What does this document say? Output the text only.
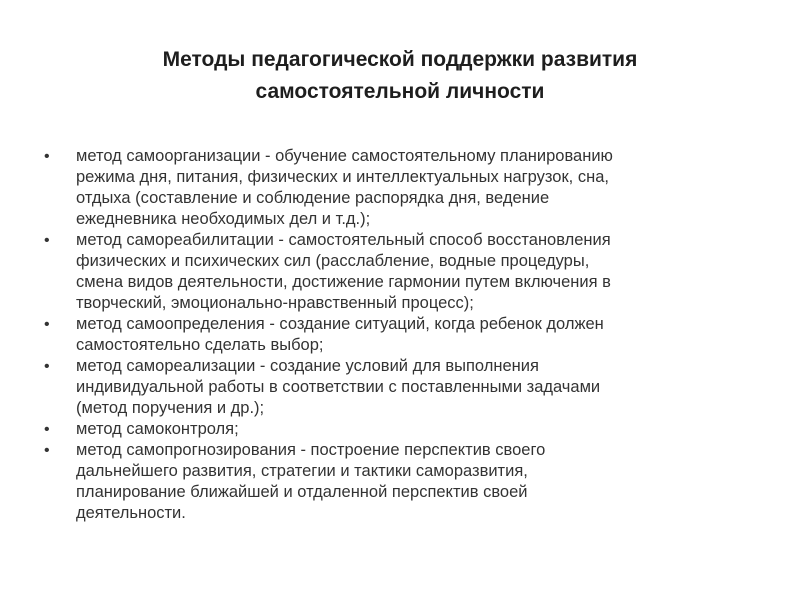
Методы педагогической поддержки развития
самостоятельной личности
• метод самоорганизации - обучение самостоятельному планированию
режима дня, питания, физических и интеллектуальных нагрузок, сна,
отдыха (составление и соблюдение распорядка дня, ведение
ежедневника необходимых дел и т.д.);
• метод самореабилитации - самостоятельный способ восстановления
физических и психических сил (расслабление, водные процедуры,
смена видов деятельности, достижение гармонии путем включения в
творческий, эмоционально-нравственный процесс);
• метод самоопределения - создание ситуаций, когда ребенок должен
самостоятельно сделать выбор;
• метод самореализации - создание условий для выполнения
индивидуальной работы в соответствии с поставленными задачами
(метод поручения и др.);
• метод самоконтроля;
• метод самопрогнозирования - построение перспектив своего
дальнейшего развития, стратегии и тактики саморазвития,
планирование ближайшей и отдаленной перспектив своей
деятельности.
